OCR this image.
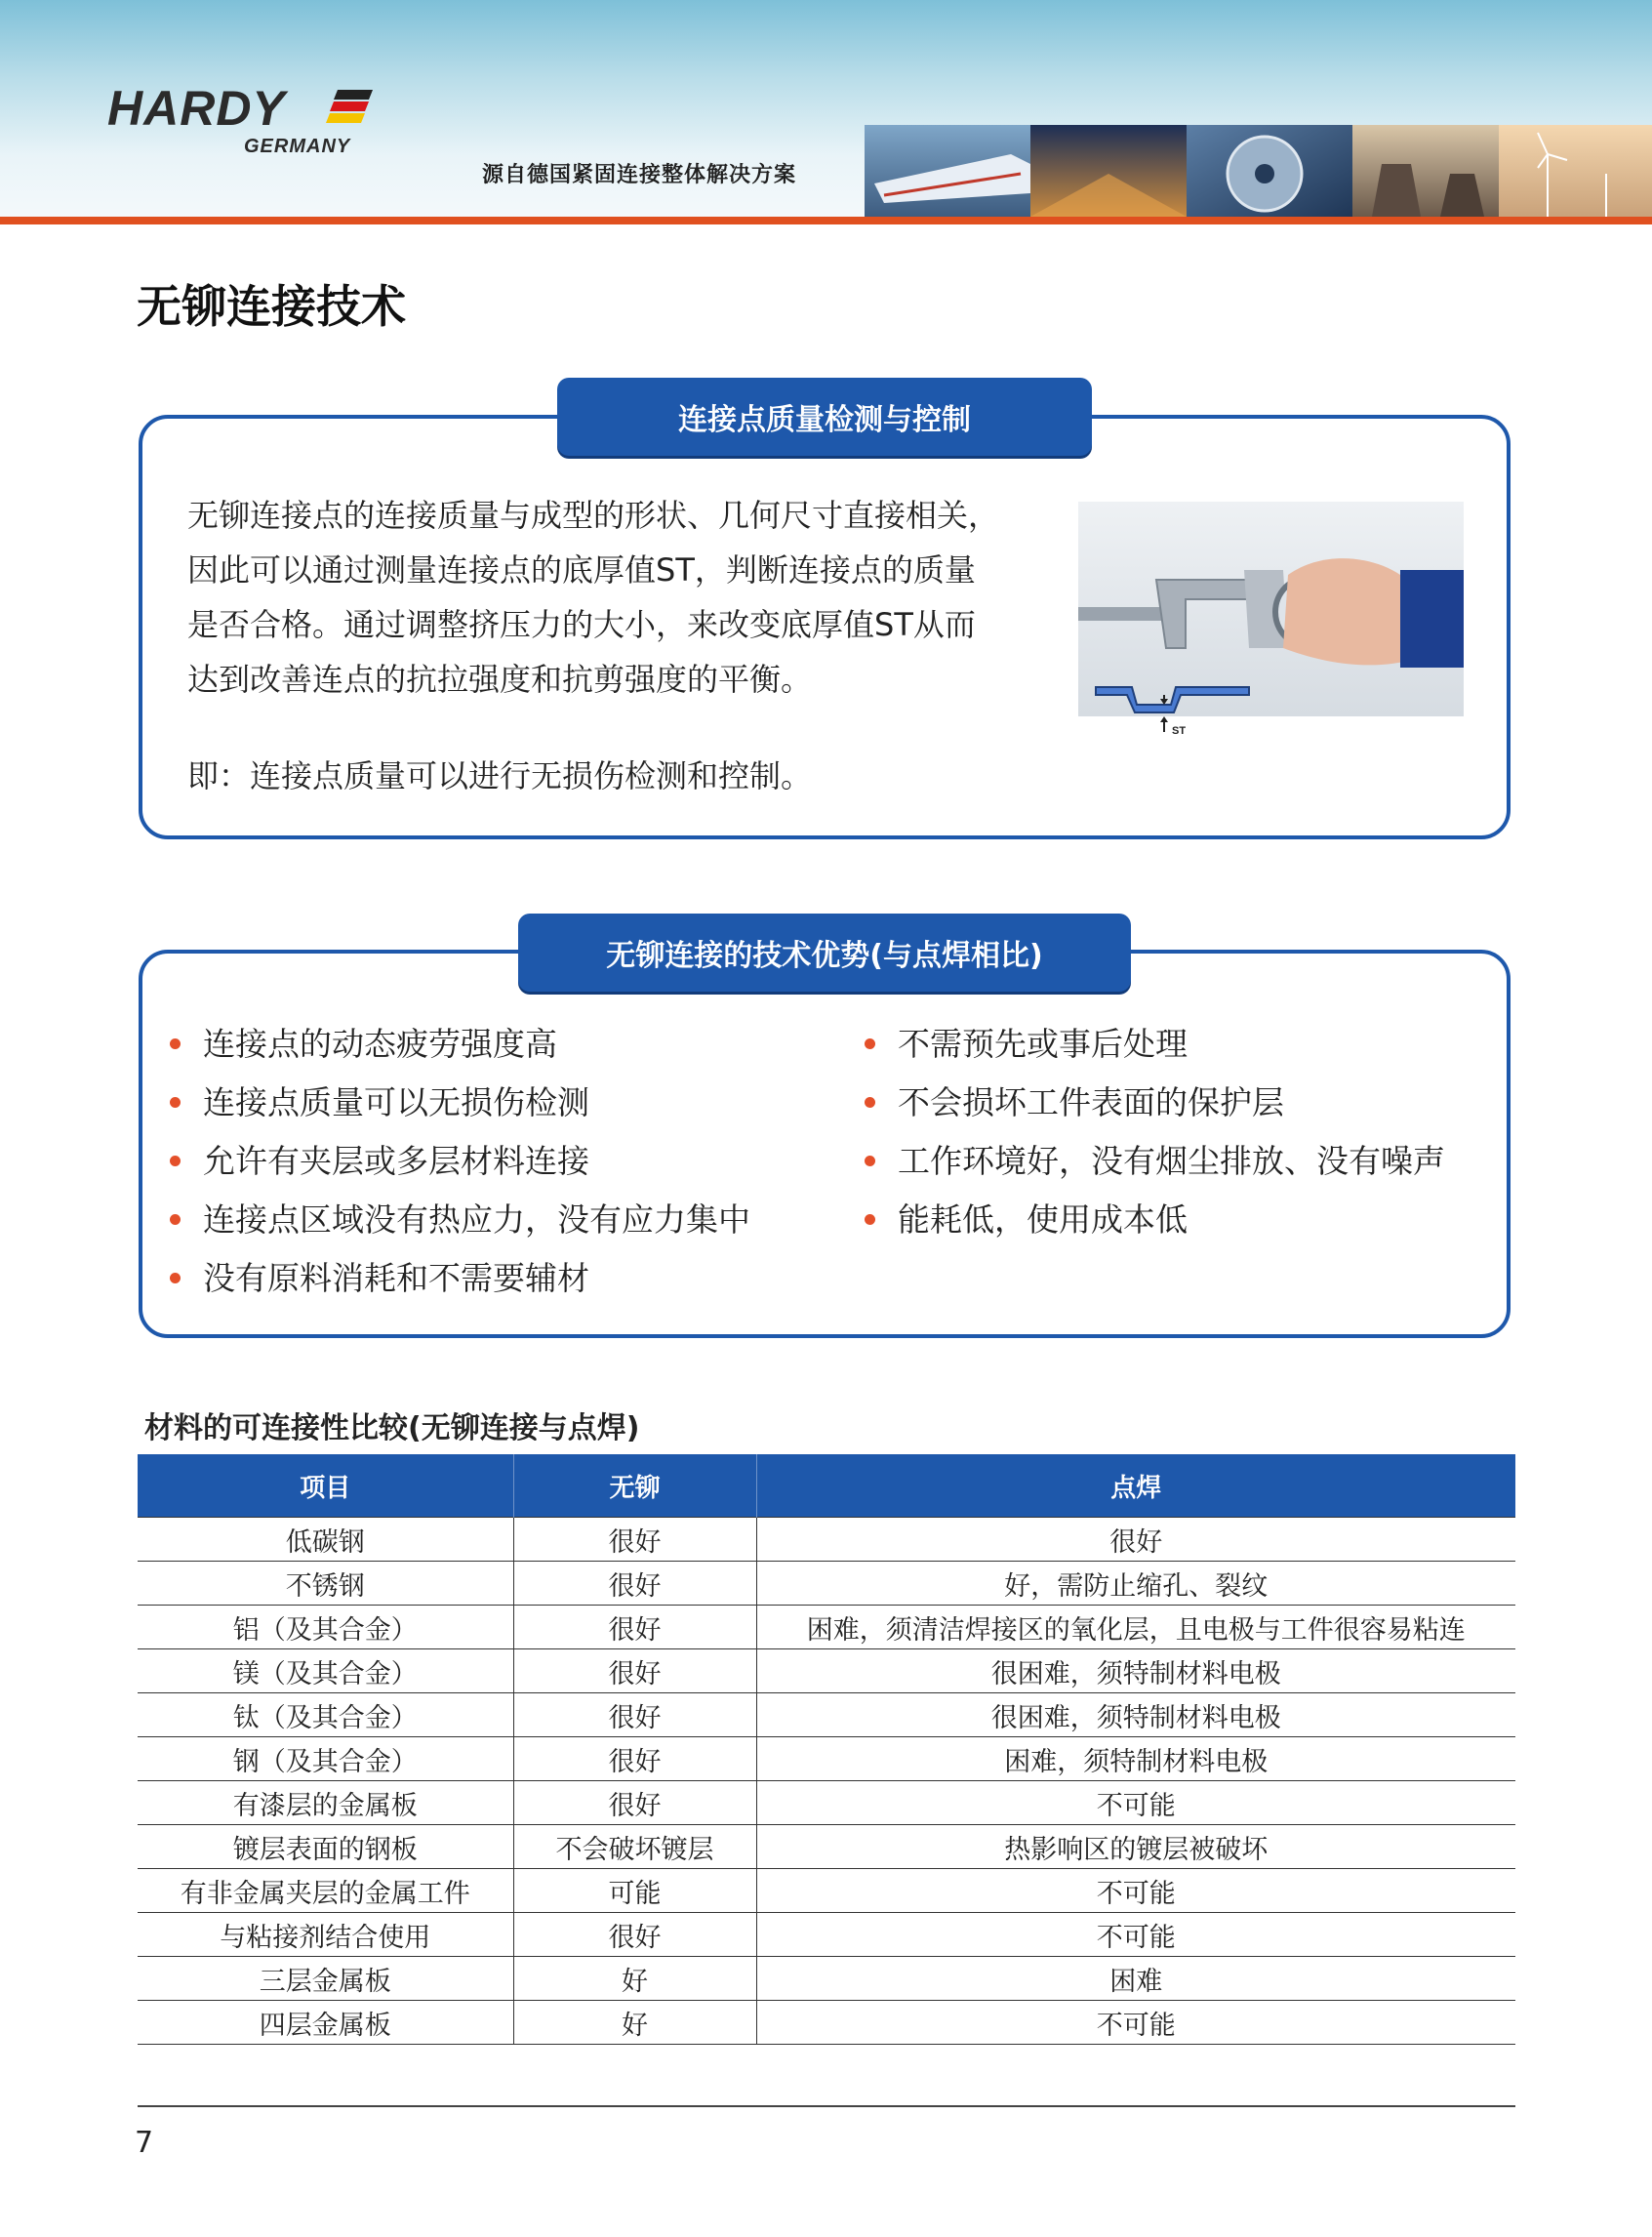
HARDY
GERMANY
源自德国紧固连接整体解决方案
无铆连接技术
连接点质量检测与控制
无铆连接点的连接质量与成型的形状、几何尺寸直接相关，
因此可以通过测量连接点的底厚值ST，判断连接点的质量
是否合格。通过调整挤压力的大小，来改变底厚值ST从而
达到改善连点的抗拉强度和抗剪强度的平衡。
即：连接点质量可以进行无损伤检测和控制。
ST
无铆连接的技术优势(与点焊相比)
连接点的动态疲劳强度高
连接点质量可以无损伤检测
允许有夹层或多层材料连接
连接点区域没有热应力，没有应力集中
没有原料消耗和不需要辅材
不需预先或事后处理
不会损坏工件表面的保护层
工作环境好，没有烟尘排放、没有噪声
能耗低，使用成本低
材料的可连接性比较(无铆连接与点焊)
项目	无铆	点焊
低碳钢	很好	很好
不锈钢	很好	好，需防止缩孔、裂纹
铝（及其合金）	很好	困难，须清洁焊接区的氧化层，且电极与工件很容易粘连
镁（及其合金）	很好	很困难，须特制材料电极
钛（及其合金）	很好	很困难，须特制材料电极
钢（及其合金）	很好	困难，须特制材料电极
有漆层的金属板	很好	不可能
镀层表面的钢板	不会破坏镀层	热影响区的镀层被破坏
有非金属夹层的金属工件	可能	不可能
与粘接剂结合使用	很好	不可能
三层金属板	好	困难
四层金属板	好	不可能
7
